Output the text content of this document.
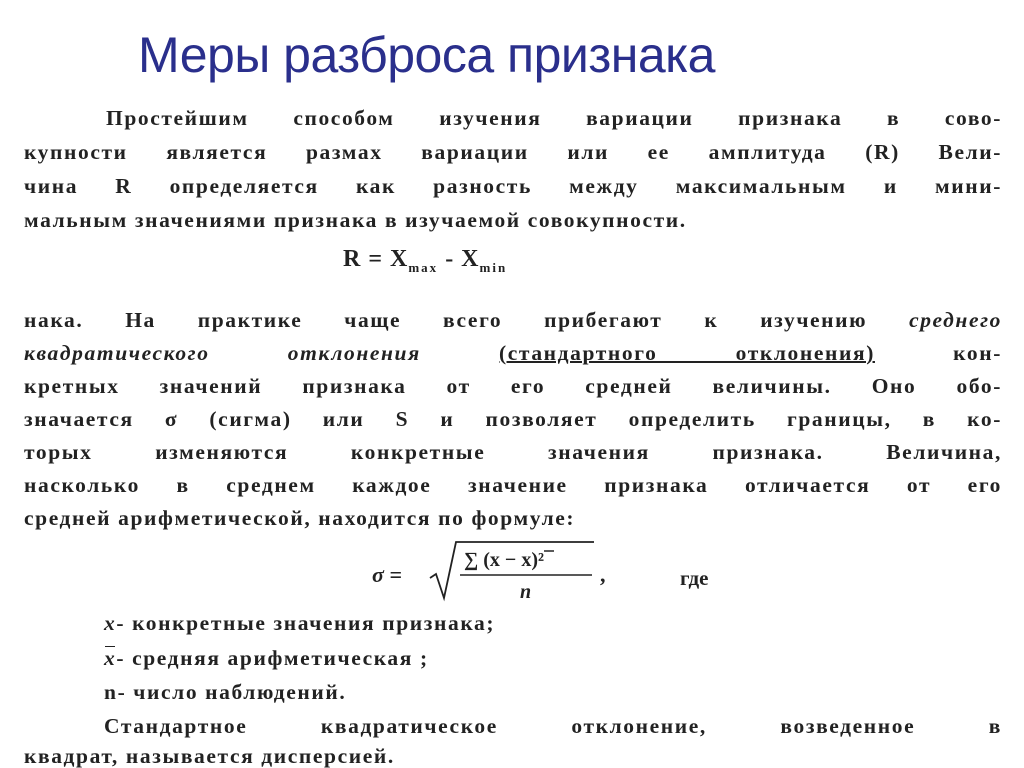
Меры разброса признака
Простейшим способом изучения вариации признака в сово-
купности является размах вариации или ее амплитуда (R) Вели-
чина R определяется как разность между максимальным и мини-
мальным значениями признака в изучаемой совокупности.
$R = X_{max} - X_{min}$
нака. На практике чаще всего прибегают к изучению среднего
квадратического отклонения	(стандартного отклонения)	кон-
кретных значений признака от его средней величины. Оно обо-
значается σ (сигма) или S и позволяет определить границы, в ко-
торых изменяются конкретные значения признака. Величина,
насколько в среднем каждое значение признака отличается от его
средней арифметической, находится по формуле:
σ =
∑ (x − x)²
n
,	где
x- конкретные значения признака;
x- средняя арифметическая ;
n- число наблюдений.
Стандартное квадратическое отклонение, возведенное в
квадрат, называется дисперсией.
